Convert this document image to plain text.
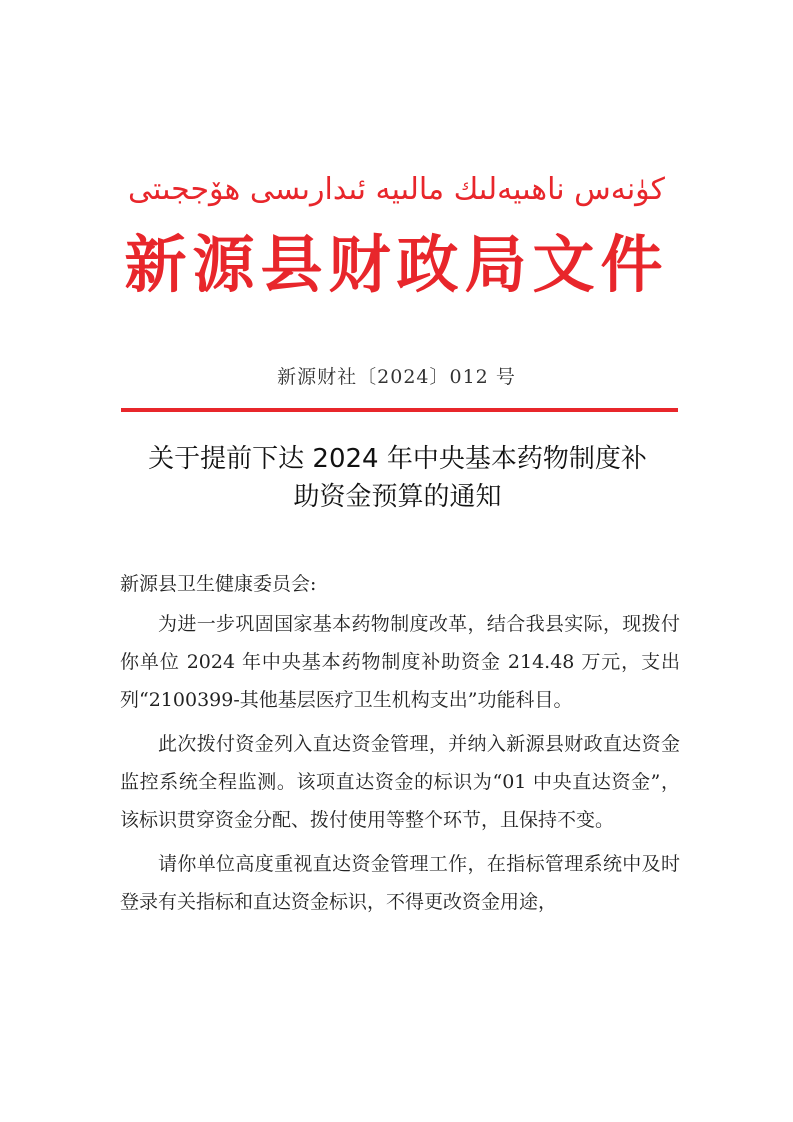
كۈنەس ناھىيەلىك مالىيە ئىدارىسى ھۆججىتى
新源县财政局文件
新源财社〔2024〕012 号
关于提前下达 2024 年中央基本药物制度补
助资金预算的通知

新源县卫生健康委员会:

为进一步巩固国家基本药物制度改革，结合我县实际，现拨付你单位 2024 年中央基本药物制度补助资金 214.48 万元，支出列“2100399-其他基层医疗卫生机构支出”功能科目。

此次拨付资金列入直达资金管理，并纳入新源县财政直达资金监控系统全程监测。该项直达资金的标识为“01 中央直达资金”，该标识贯穿资金分配、拨付使用等整个环节，且保持不变。

请你单位高度重视直达资金管理工作，在指标管理系统中及时登录有关指标和直达资金标识，不得更改资金用途，
